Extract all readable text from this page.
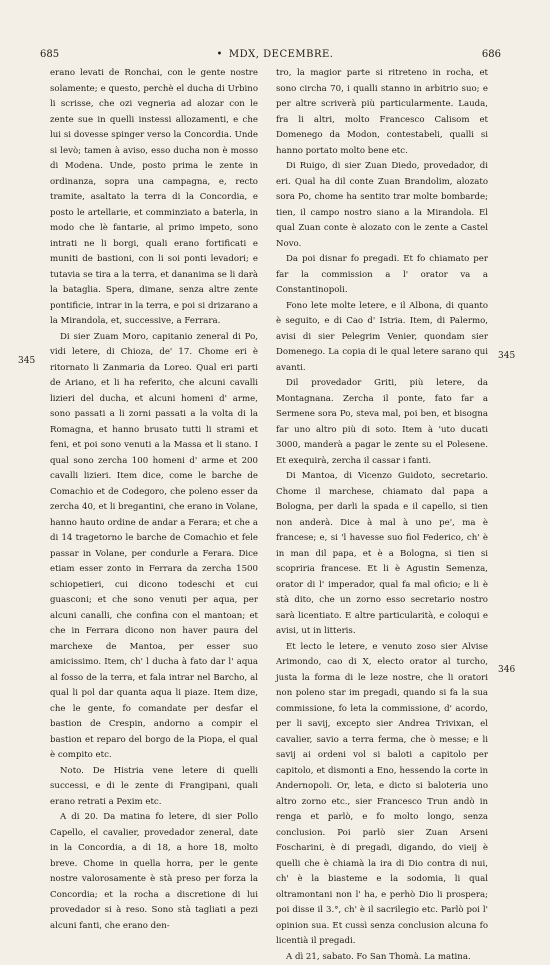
685	• MDX, DECEMBRE.	686
345	345
346

erano levati de Ronchai, con le gente nostre solamente; e questo, perchè el ducha di Urbino li scrisse, che ozi vegneria ad alozar con le zente sue in quelli instessi allozamenti, e che lui si dovesse spinger verso la Concordia. Unde si levò; tamen à aviso, esso ducha non è mosso di Modena. Unde, posto prima le zente in ordinanza, sopra una campagna, e, recto tramite, asaltato la terra di la Concordia, e posto le artellarie, et comminziato a baterla, in modo che lè fantarie, al primo impeto, sono intrati ne li borgi, quali erano fortificati e muniti de bastioni, con li soi ponti levadori; e tutavia se tira a la terra, et dananima se li darà la bataglia. Spera, dimane, senza altre zente pontificie, intrar in la terra, e poi si drizarano a la Mirandola, et, successive, a Ferrara.

Di sier Zuam Moro, capitanio zeneral di Po, vidi letere, di Chioza, de' 17. Chome eri è ritornato li Zanmaria da Loreo. Qual eri parti de Ariano, et li ha referito, che alcuni cavalli lizieri del ducha, et alcuni homeni d' arme, sono passati a li zorni passati a la volta di la Romagna, et hanno brusato tutti li strami et feni, et poi sono venuti a la Massa et li stano. I qual sono zercha 100 homeni d' arme et 200 cavalli lizieri. Item dice, come le barche de Comachio et de Codegoro, che poleno esser da zercha 40, et li bregantini, che erano in Volane, hanno hauto ordine de andar a Ferara; et che a di 14 tragetorno le barche de Comachio et fele passar in Volane, per condurle a Ferara. Dice etiam esser zonto in Ferrara da zercha 1500 schiopetieri, cui dicono todeschi et cui guasconi; et che sono venuti per aqua, per alcuni canalli, che confina con el mantoan; et che in Ferrara dicono non haver paura del marchexe de Mantoa, per esser suo amicissimo. Item, ch' l ducha à fato dar l' aqua al fosso de la terra, et fala intrar nel Barcho, al qual li pol dar quanta aqua li piaze. Item dize, che le gente, fo comandate per desfar el bastion de Crespin, andorno a compir el bastion et reparo del borgo de la Piopa, el qual è compito etc.

Noto. De Histria vene letere di quelli successi, e di le zente di Frangipani, quali erano retrati a Pexim etc.

A di 20. Da matina fo letere, di sier Pollo Capello, el cavalier, provedador zeneral, date in la Concordia, a di 18, a hore 18, molto breve. Chome in quella horra, per le gente nostre valorosamente è stà preso per forza la Concordia; et la rocha a discretione di lui provedador si à reso. Sono stà tagliati a pezi alcuni fanti, che erano den-

tro, la magior parte si ritreteno in rocha, et sono circha 70, i qualli stanno in arbitrio suo; e per altre scriverà più particularmente. Lauda, fra li altri, molto Francesco Calisom et Domenego da Modon, contestabeli, qualli si hanno portato molto bene etc.

Di Ruigo, di sier Zuan Diedo, provedador, di eri. Qual ha dil conte Zuan Brandolim, alozato sora Po, chome ha sentito trar molte bombarde; tien, il campo nostro siano a la Mirandola. El qual Zuan conte è alozato con le zente a Castel Novo.

Da poi disnar fo pregadi. Et fo chiamato per far la commission a l' orator va a Constantinopoli.

Fono lete molte letere, e il Albona, di quanto è seguito, e di Cao d' Istria. Item, di Palermo, avisi di sier Pelegrim Venier, quondam sier Domenego. La copia di le qual letere sarano qui avanti.

Dil provedador Griti, più letere, da Montagnana. Zercha il ponte, fato far a Sermene sora Po, steva mal, poi ben, et bisogna far uno altro più di soto. Item à 'uto ducati 3000, manderà a pagar le zente su el Polesene. Et exequirà, zercha il cassar i fanti.

Di Mantoa, di Vicenzo Guidoto, secretario. Chome il marchese, chiamato dal papa a Bologna, per darli la spada e il capello, si tien non anderà. Dice à mal à uno pe', ma è francese; e, si 'l havesse suo fiol Federico, ch' è in man dil papa, et è a Bologna, si tien si scopriria francese. Et li è Agustin Semenza, orator di l' imperador, qual fa mal oficio; e li è stà dito, che un zorno esso secretario nostro sarà licentiato. E altre particularità, e coloqui e avisi, ut in litteris.

Et lecto le letere, e venuto zoso sier Alvise Arimondo, cao di X, electo orator al turcho, justa la forma di le leze nostre, che li oratori non poleno star im pregadi, quando si fa la sua commissione, fo leta la commissione, d' acordo, per li savij, excepto sier Andrea Trivixan, el cavalier, savio a terra ferma, che ò messe; e li savij ai ordeni vol si baloti a capitolo per capitolo, et dismonti a Eno, hessendo la corte in Andernopoli. Or, leta, e dicto si baloteria uno altro zorno etc., sier Francesco Trun andò in renga et parlò, e fo molto longo, senza conclusion. Poi parlò sier Zuan Arseni Foscharini, è di pregadi, digando, do vieij è quelli che è chiamà la ira di Dio contra di nui, ch' è la biasteme e la sodomia, li qual oltramontani non l' ha, e perhò Dio li prospera; poi disse il 3.°, ch' è il sacrilegio etc. Parlò poi l' opinion sua. Et cussì senza conclusion alcuna fo licentià il pregadi.

A dì 21, sabato. Fo San Thomà. La matina.
